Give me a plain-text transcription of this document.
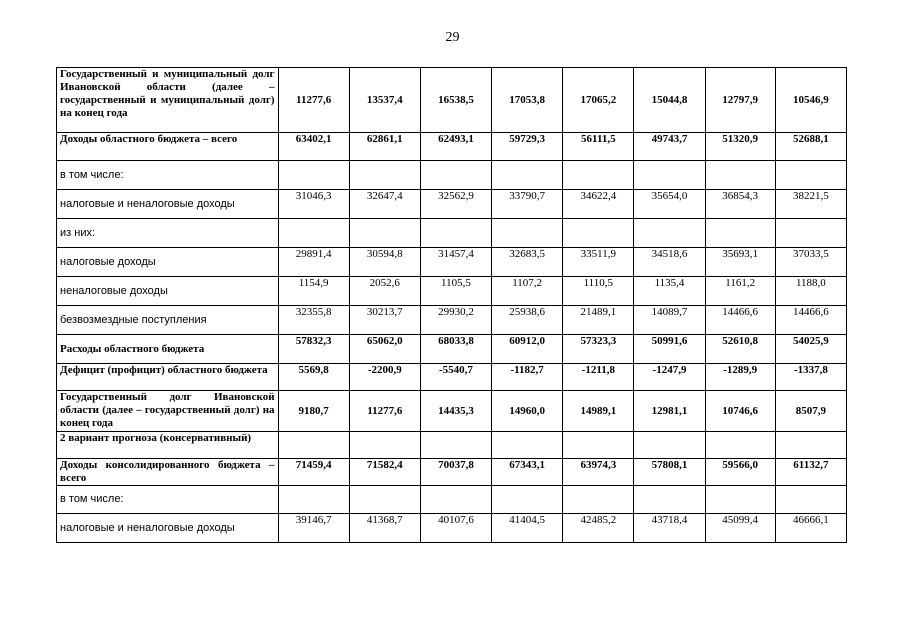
29
Государственный и муниципальный долг Ивановской области (далее – государственный и муниципальный долг) на конец года	11277,6	13537,4	16538,5	17053,8	17065,2	15044,8	12797,9	10546,9
Доходы областного бюджета – всего	63402,1	62861,1	62493,1	59729,3	56111,5	49743,7	51320,9	52688,1
в том числе:								
налоговые и неналоговые доходы	31046,3	32647,4	32562,9	33790,7	34622,4	35654,0	36854,3	38221,5
из них:								
налоговые доходы	29891,4	30594,8	31457,4	32683,5	33511,9	34518,6	35693,1	37033,5
неналоговые доходы	1154,9	2052,6	1105,5	1107,2	1110,5	1135,4	1161,2	1188,0
безвозмездные поступления	32355,8	30213,7	29930,2	25938,6	21489,1	14089,7	14466,6	14466,6
Расходы областного бюджета	57832,3	65062,0	68033,8	60912,0	57323,3	50991,6	52610,8	54025,9
Дефицит (профицит) областного бюджета	5569,8	-2200,9	-5540,7	-1182,7	-1211,8	-1247,9	-1289,9	-1337,8
Государственный долг Ивановской области (далее – государственный долг) на конец года	9180,7	11277,6	14435,3	14960,0	14989,1	12981,1	10746,6	8507,9
2 вариант прогноза (консервативный)								
Доходы консолидированного бюджета – всего	71459,4	71582,4	70037,8	67343,1	63974,3	57808,1	59566,0	61132,7
в том числе:								
налоговые и неналоговые доходы	39146,7	41368,7	40107,6	41404,5	42485,2	43718,4	45099,4	46666,1
